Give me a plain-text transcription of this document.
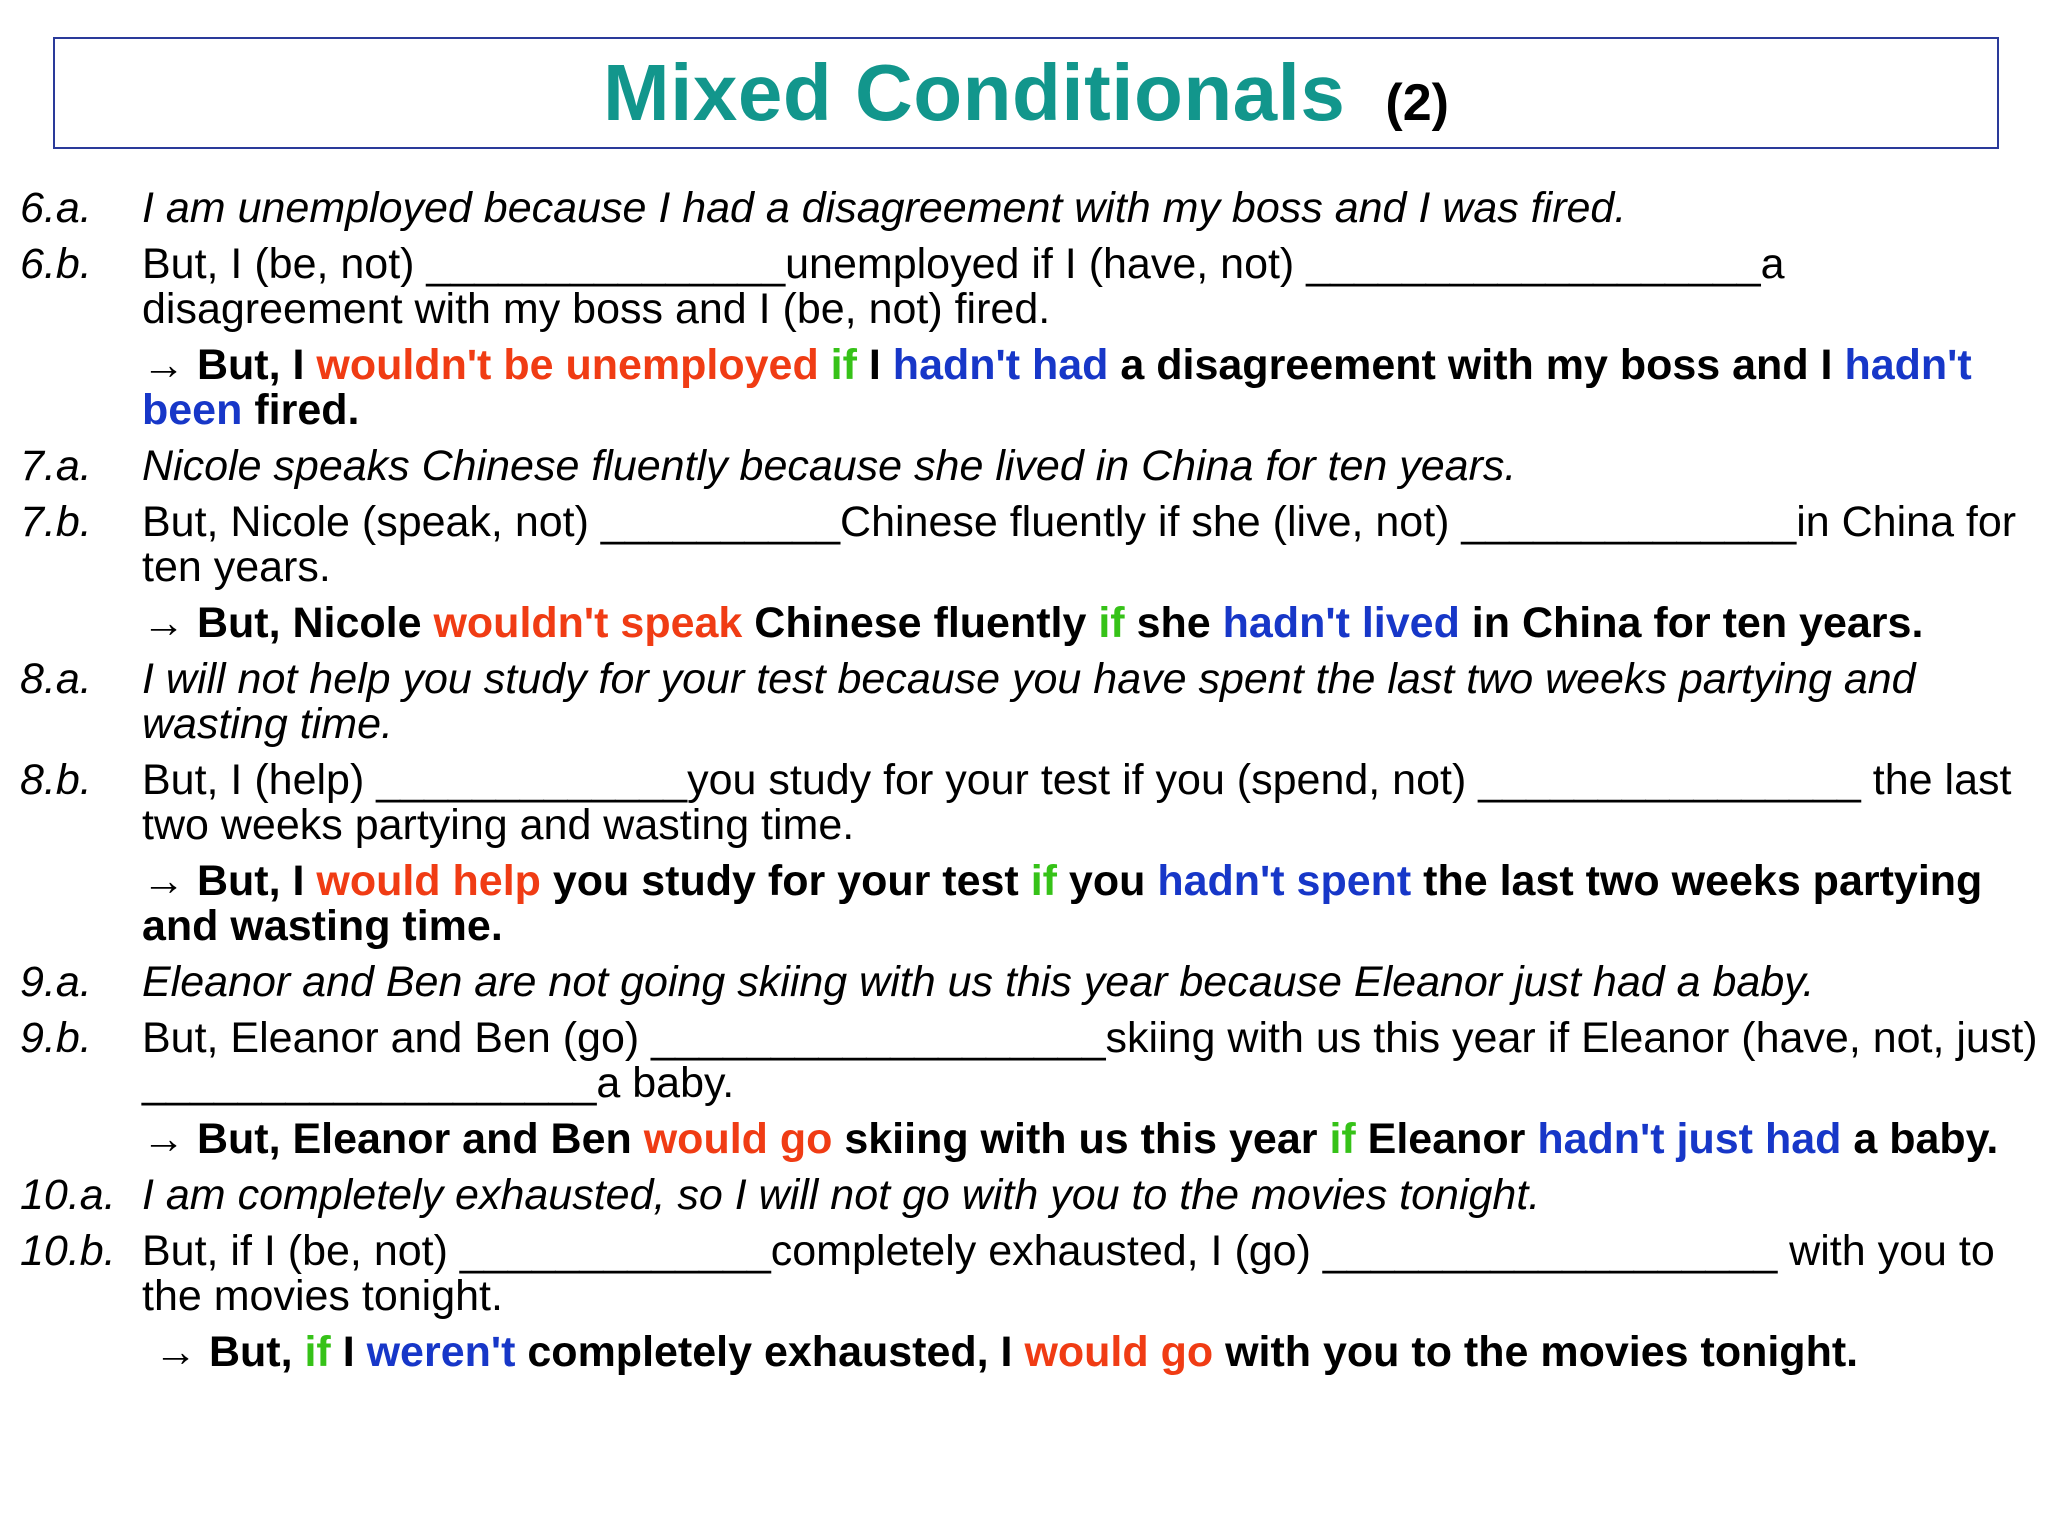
Mixed Conditionals (2)
6.a.	I am unemployed because I had a disagreement with my boss and I was fired.
6.b.	But, I (be, not) _______________unemployed if I (have, not) ___________________a disagreement with my boss and I (be, not) fired.
→ But, I wouldn't be unemployed if I hadn't had a disagreement with my boss and I hadn't been fired.
7.a.	Nicole speaks Chinese fluently because she lived in China for ten years.
7.b.	But, Nicole (speak, not) __________Chinese fluently if she (live, not) ______________in China for ten years.
→ But, Nicole wouldn't speak Chinese fluently if she hadn't lived in China for ten years.
8.a.	I will not help you study for your test because you have spent the last two weeks partying and wasting time.
8.b.	But, I (help) _____________you study for your test if you (spend, not) ________________ the last two weeks partying and wasting time.
→ But, I would help you study for your test if you hadn't spent the last two weeks partying and wasting time.
9.a.	Eleanor and Ben are not going skiing with us this year because Eleanor just had a baby.
9.b.	But, Eleanor and Ben (go) ___________________skiing with us this year if Eleanor (have, not, just) ___________________a baby.
→ But, Eleanor and Ben would go skiing with us this year if Eleanor hadn't just had a baby.
10.a. I am completely exhausted, so I will not go with you to the movies tonight.
10.b. But, if I (be, not) _____________completely exhausted, I (go) ___________________ with you to the movies tonight.
→ But, if I weren't completely exhausted, I would go with you to the movies tonight.
